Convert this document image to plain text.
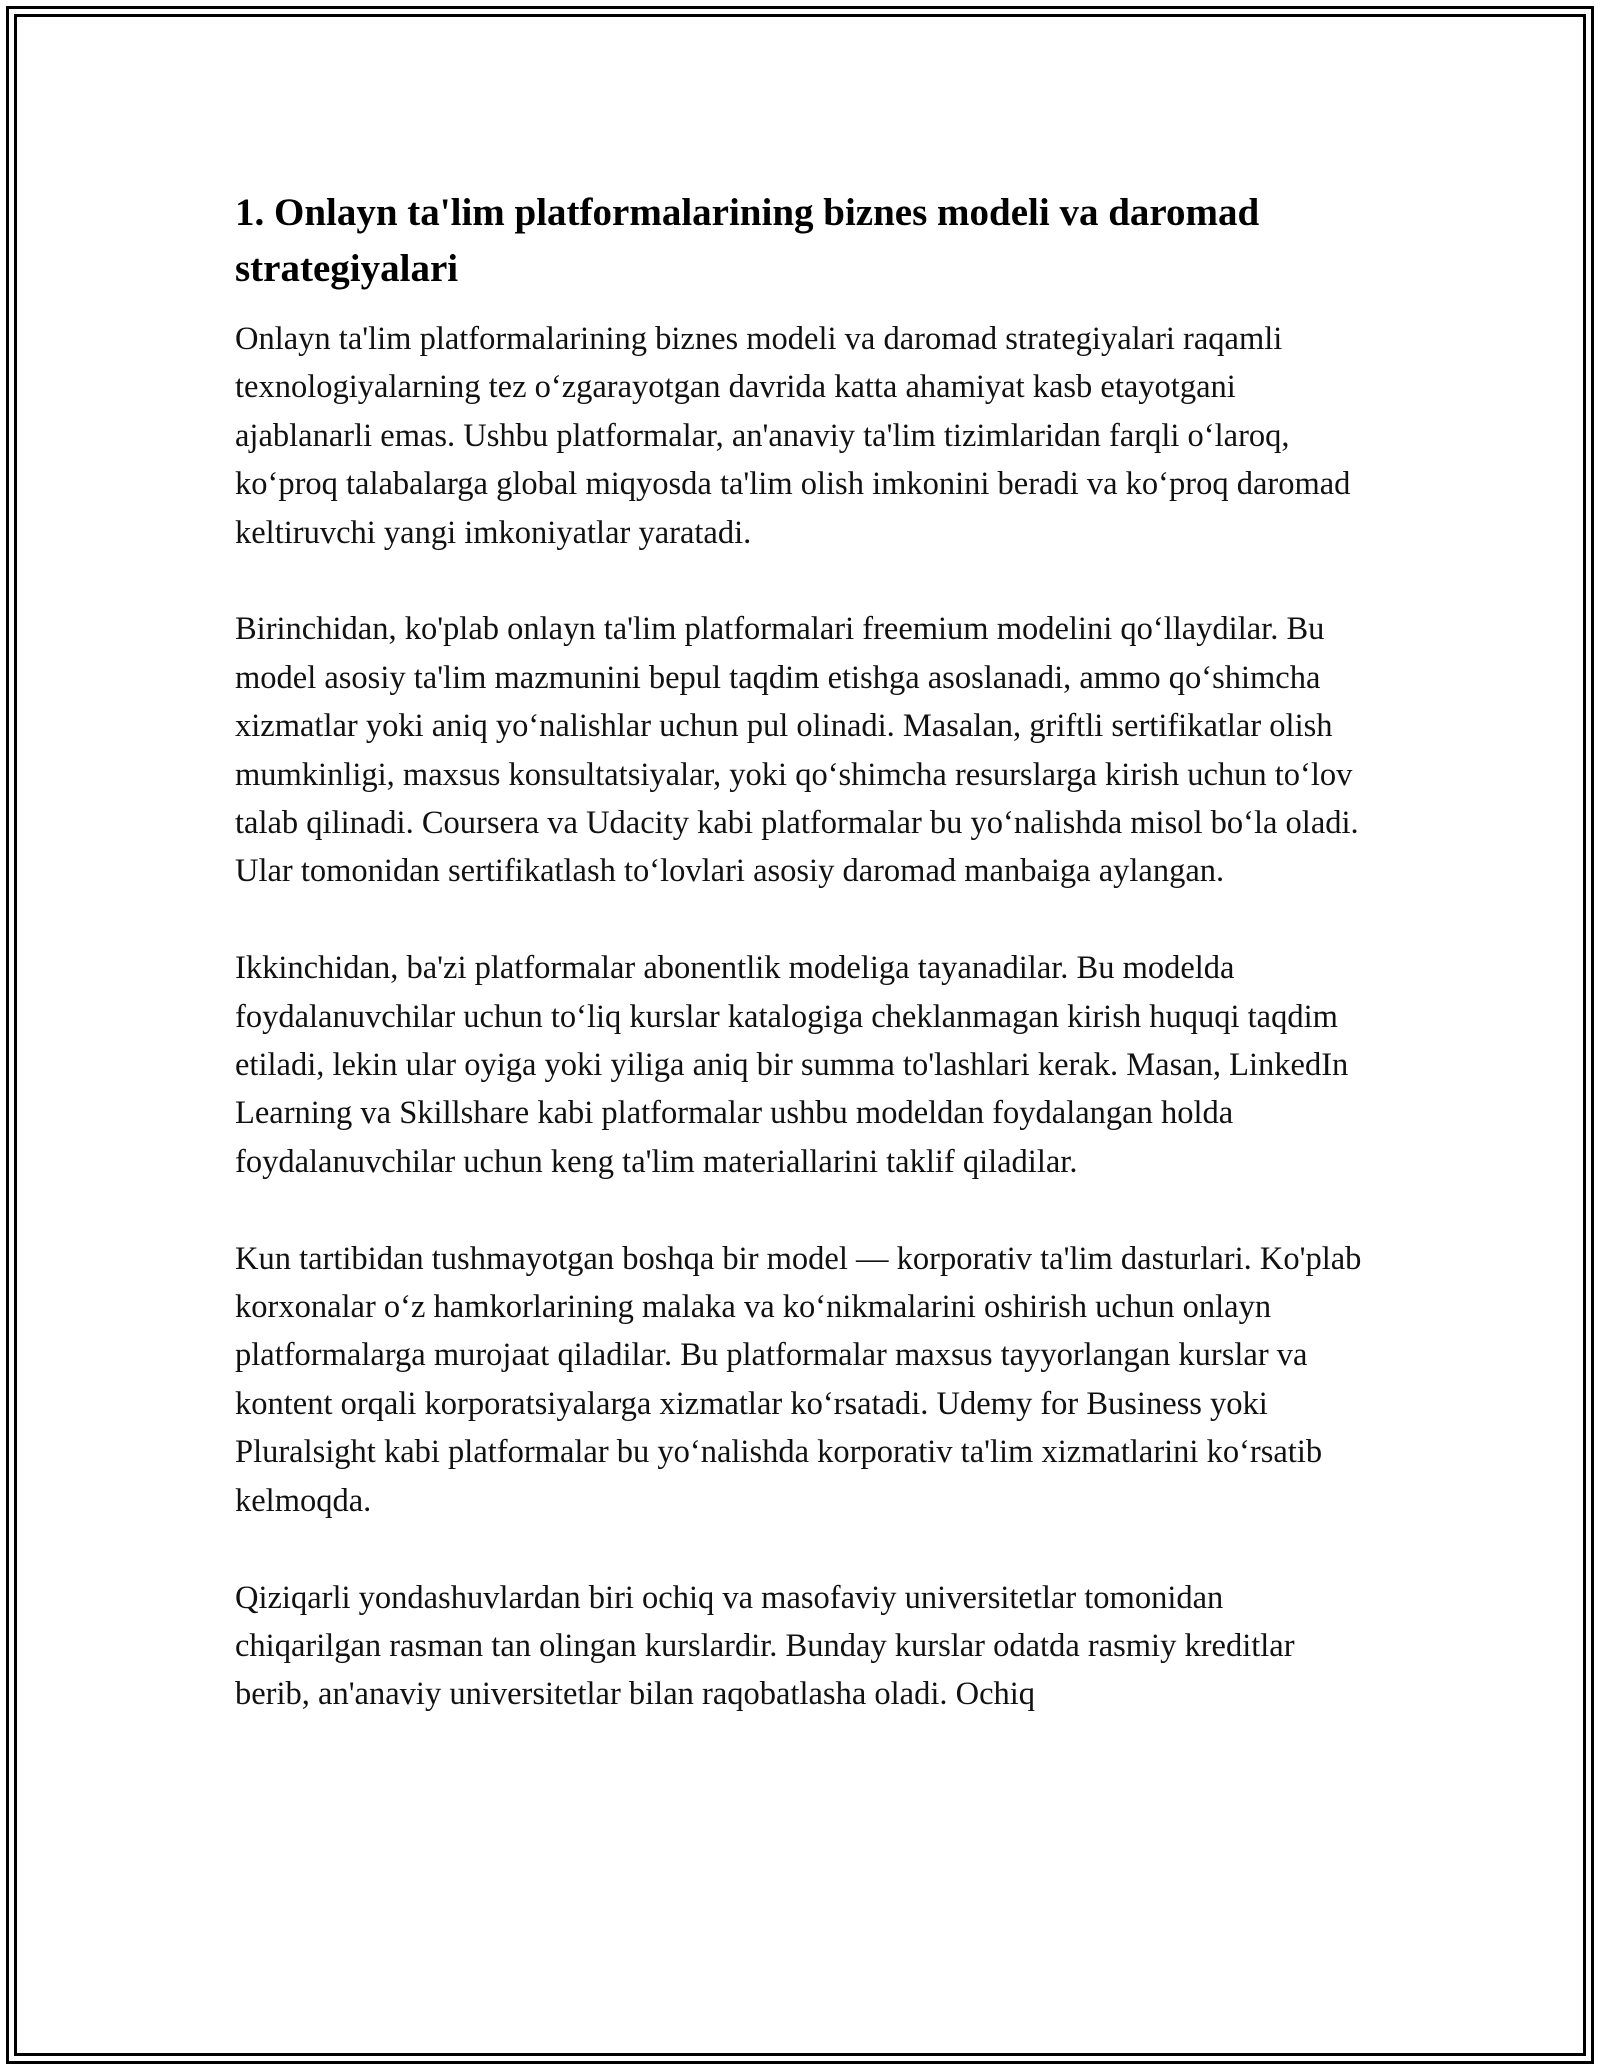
1. Onlayn ta'lim platformalarining biznes modeli va daromad strategiyalari

Onlayn ta'lim platformalarining biznes modeli va daromad strategiyalari raqamli texnologiyalarning tez o‘zgarayotgan davrida katta ahamiyat kasb etayotgani ajablanarli emas. Ushbu platformalar, an'anaviy ta'lim tizimlaridan farqli o‘laroq, ko‘proq talabalarga global miqyosda ta'lim olish imkonini beradi va ko‘proq daromad keltiruvchi yangi imkoniyatlar yaratadi.

Birinchidan, ko'plab onlayn ta'lim platformalari freemium modelini qo‘llaydilar. Bu model asosiy ta'lim mazmunini bepul taqdim etishga asoslanadi, ammo qo‘shimcha xizmatlar yoki aniq yo‘nalishlar uchun pul olinadi. Masalan, griftli sertifikatlar olish mumkinligi, maxsus konsultatsiyalar, yoki qo‘shimcha resurslarga kirish uchun to‘lov talab qilinadi. Coursera va Udacity kabi platformalar bu yo‘nalishda misol bo‘la oladi. Ular tomonidan sertifikatlash to‘lovlari asosiy daromad manbaiga aylangan.

Ikkinchidan, ba'zi platformalar abonentlik modeliga tayanadilar. Bu modelda foydalanuvchilar uchun to‘liq kurslar katalogiga cheklanmagan kirish huquqi taqdim etiladi, lekin ular oyiga yoki yiliga aniq bir summa to'lashlari kerak. Masan, LinkedIn Learning va Skillshare kabi platformalar ushbu modeldan foydalangan holda foydalanuvchilar uchun keng ta'lim materiallarini taklif qiladilar.

Kun tartibidan tushmayotgan boshqa bir model — korporativ ta'lim dasturlari. Ko'plab korxonalar o‘z hamkorlarining malaka va ko‘nikmalarini oshirish uchun onlayn platformalarga murojaat qiladilar. Bu platformalar maxsus tayyorlangan kurslar va kontent orqali korporatsiyalarga xizmatlar ko‘rsatadi. Udemy for Business yoki Pluralsight kabi platformalar bu yo‘nalishda korporativ ta'lim xizmatlarini ko‘rsatib kelmoqda.

Qiziqarli yondashuvlardan biri ochiq va masofaviy universitetlar tomonidan chiqarilgan rasman tan olingan kurslardir. Bunday kurslar odatda rasmiy kreditlar berib, an'anaviy universitetlar bilan raqobatlasha oladi. Ochiq
